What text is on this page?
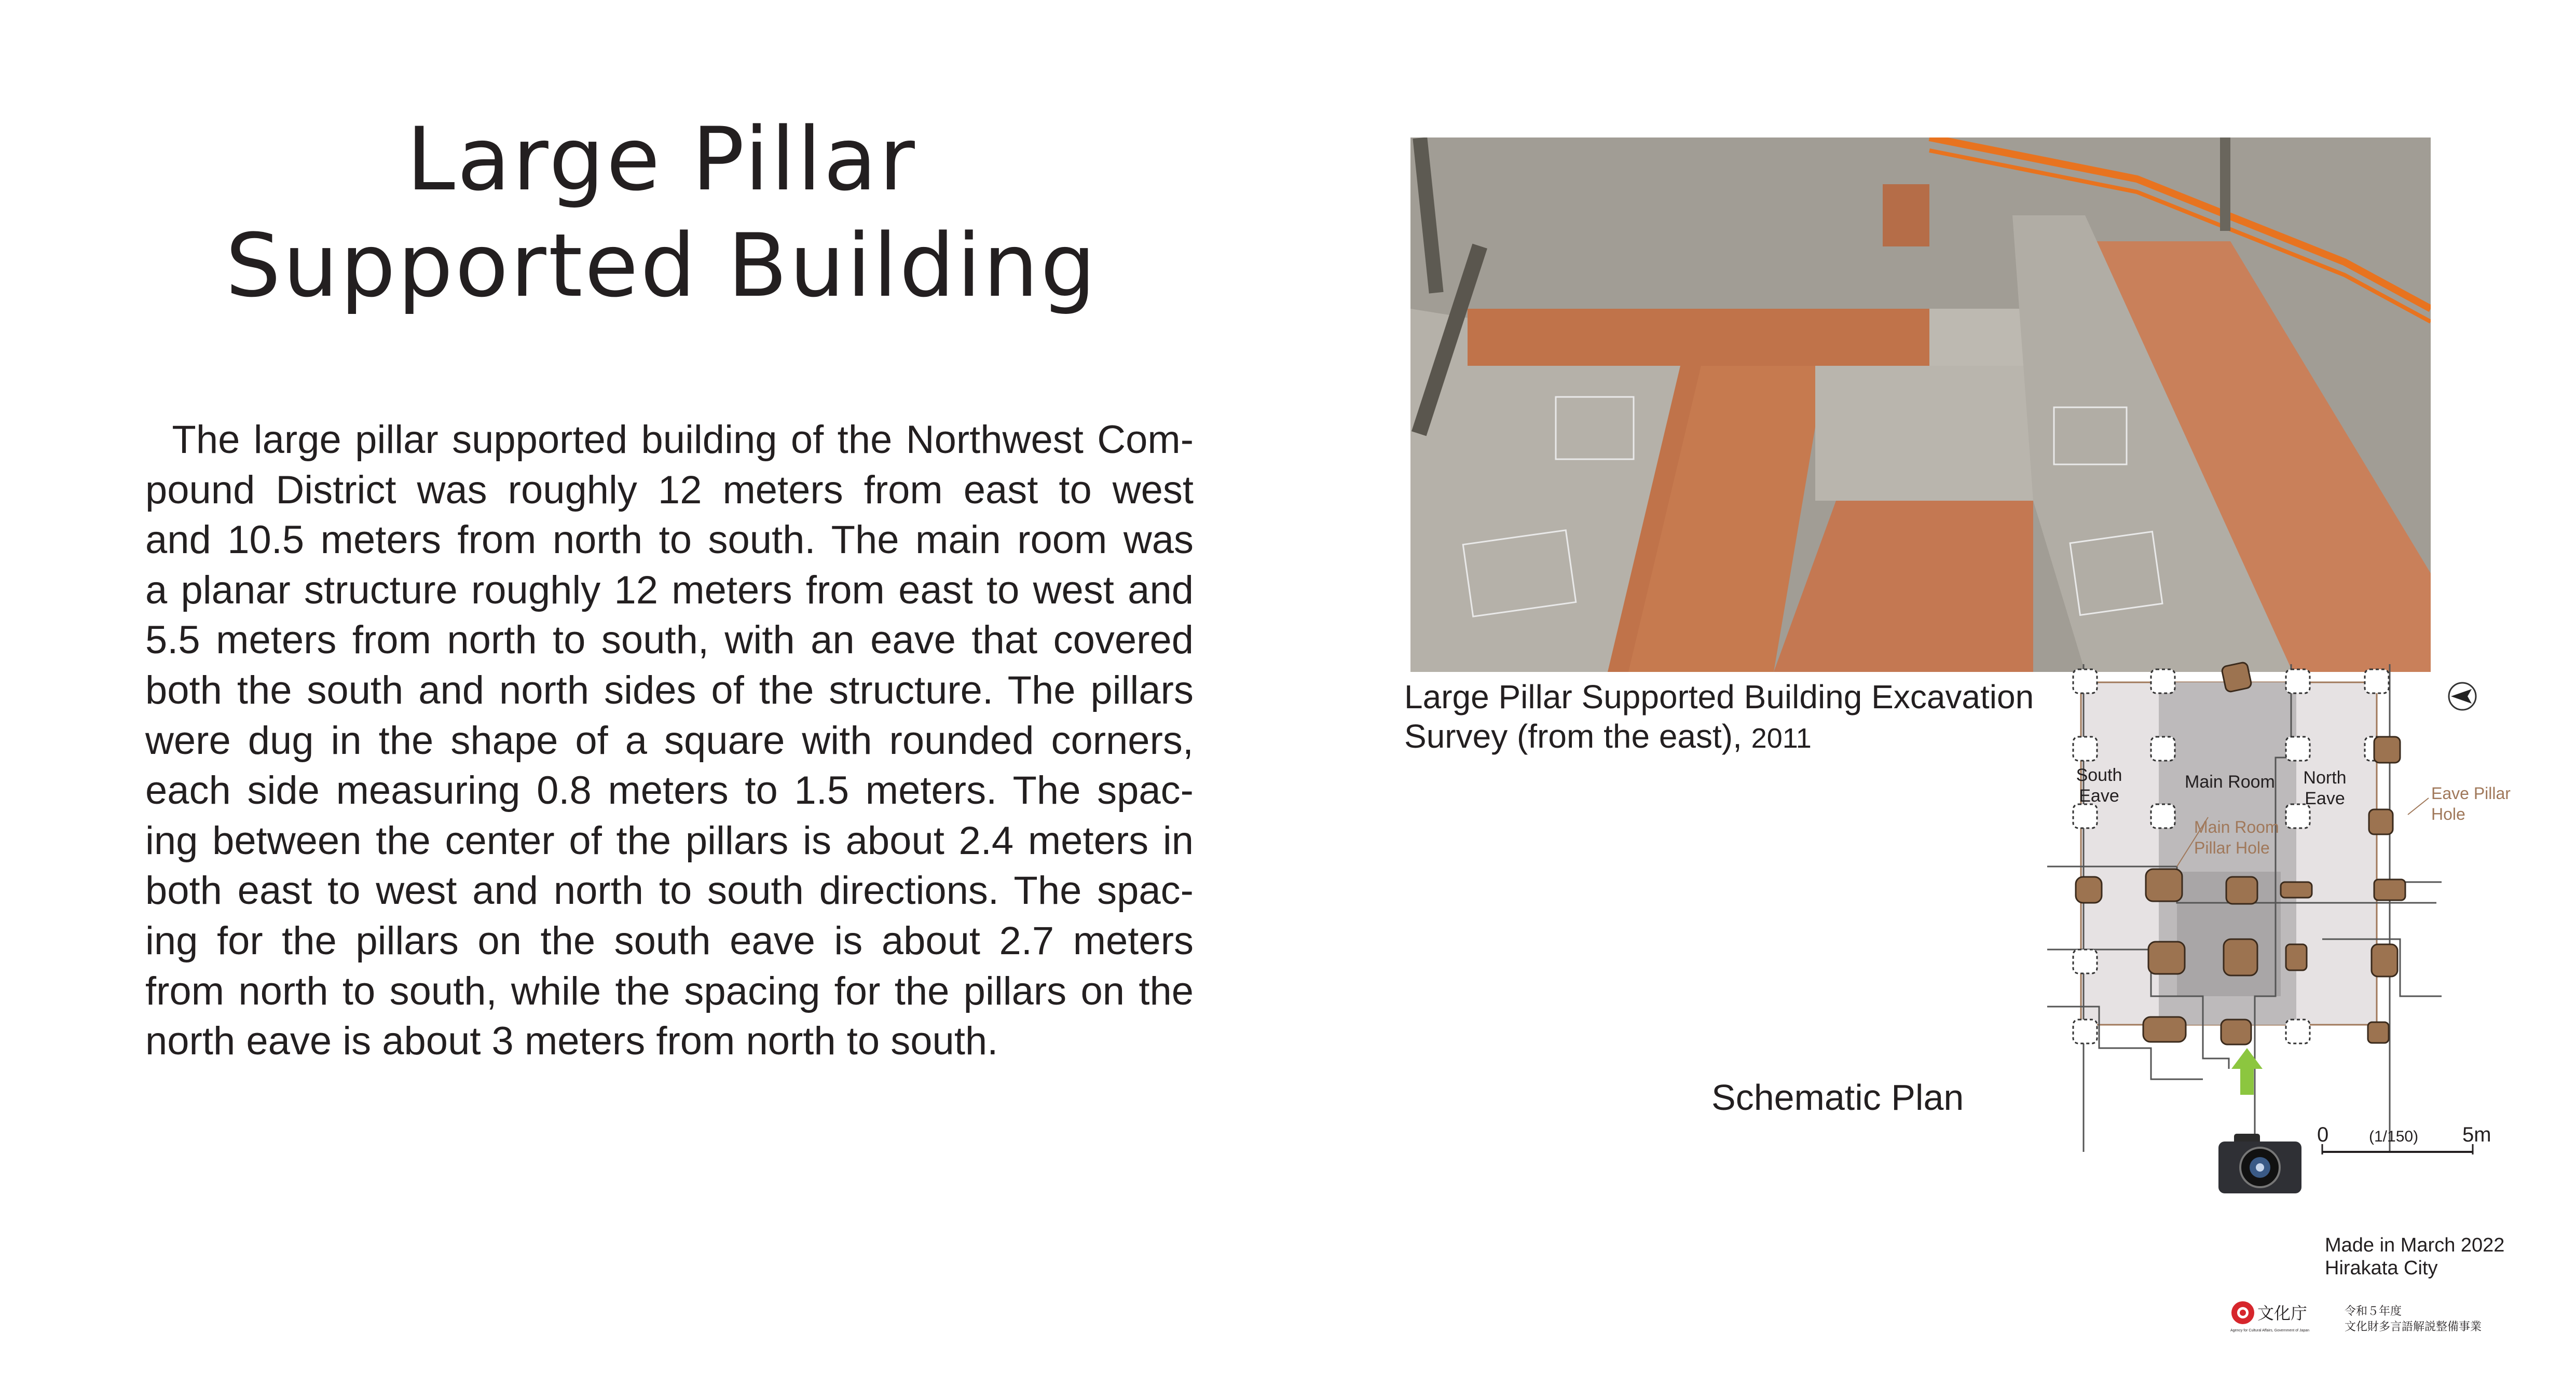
Large Pillar
Supported Building
The large pillar supported building of the Northwest Com-
pound District was roughly 12 meters from east to west
and 10.5 meters from north to south. The main room was
a planar structure roughly 12 meters from east to west and
5.5 meters from north to south, with an eave that covered
both the south and north sides of the structure. The pillars
were dug in the shape of a square with rounded corners,
each side measuring 0.8 meters to 1.5 meters. The spac-
ing between the center of the pillars is about 2.4 meters in
both east to west and north to south directions. The spac-
ing for the pillars on the south eave is about 2.7 meters
from north to south, while the spacing for the pillars on the
north eave is about 3 meters from north to south.
Large Pillar Supported Building Excavation
Survey (from the east), 2011
South
Eave
Main Room North
Eave
Main Room
Pillar Hole
Eave Pillar
Hole
0	(1/150) 5m
Schematic Plan
Made in March 2022
Hirakata City
文化庁
Agency for Cultural Affairs, Government of Japan
令和５年度
文化財多言語解説整備事業
